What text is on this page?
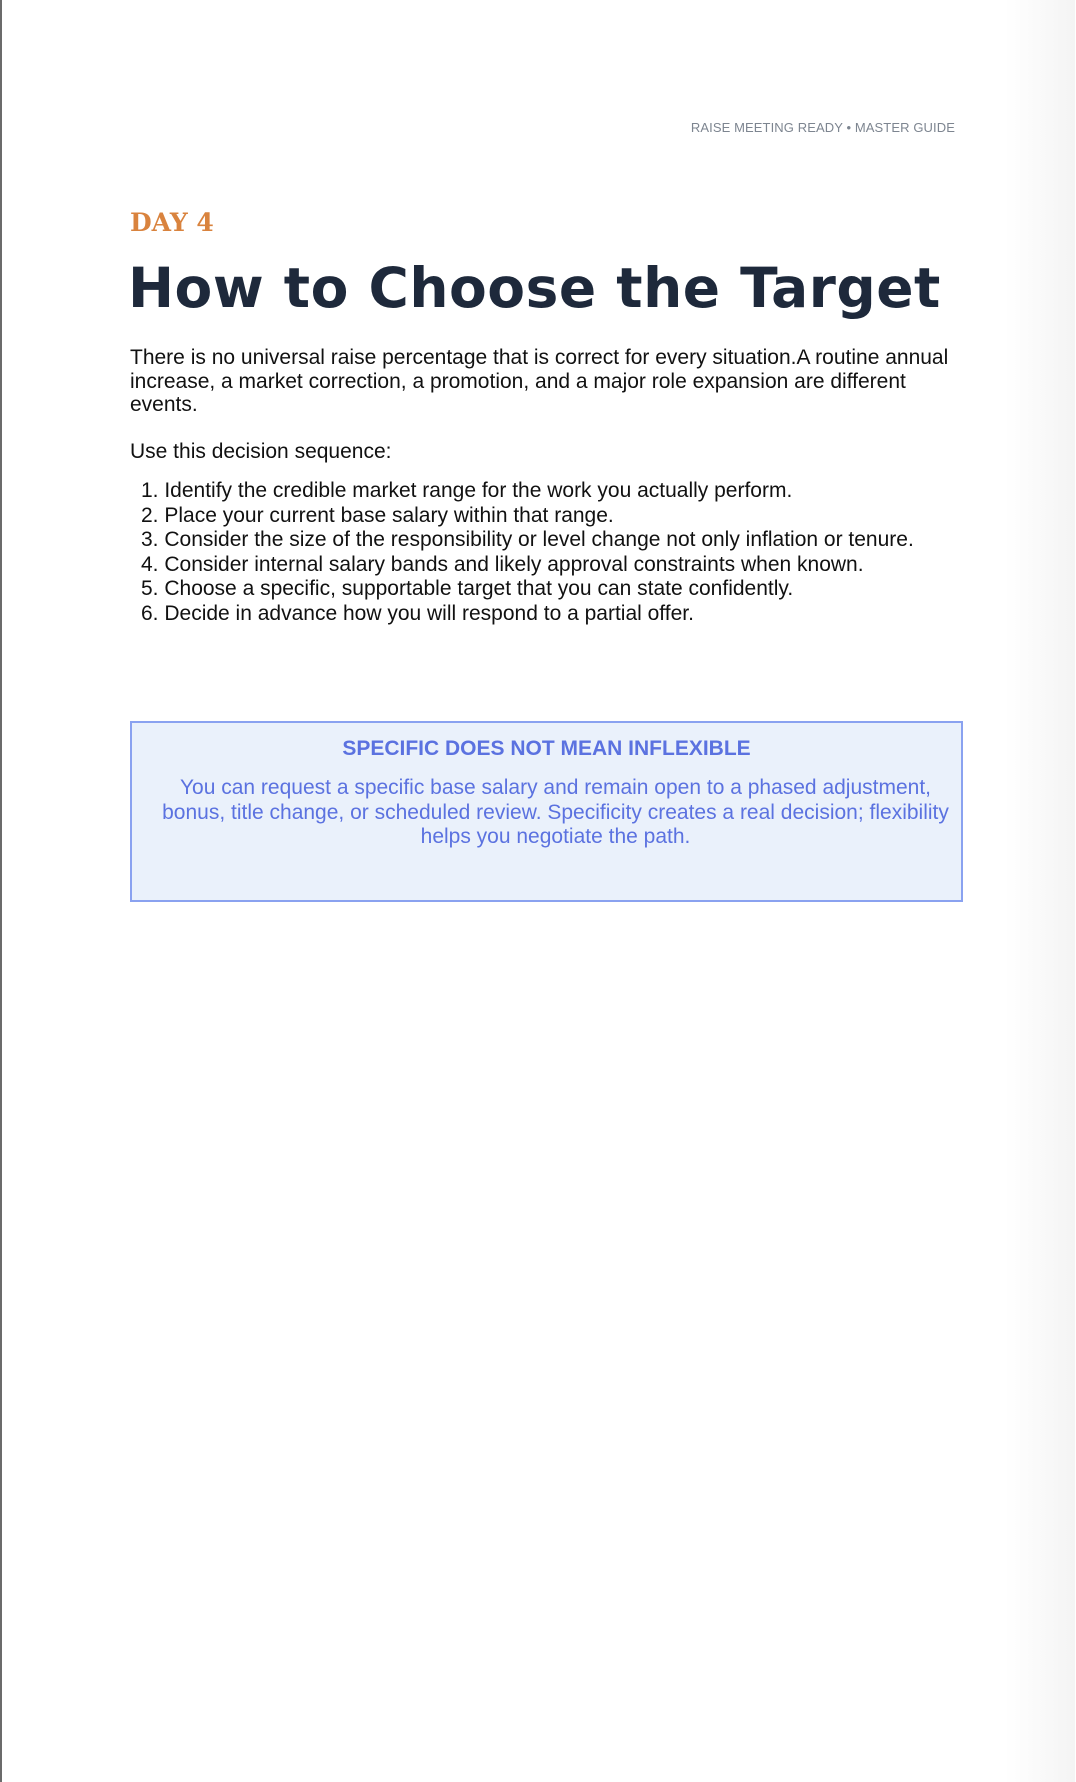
RAISE MEETING READY • MASTER GUIDE
DAY 4
How to Choose the Target

There is no universal raise percentage that is correct for every situation.A routine annual increase, a market correction, a promotion, and a major role expansion are different events.

Use this decision sequence:

1. Identify the credible market range for the work you actually perform.
2. Place your current base salary within that range.
3. Consider the size of the responsibility or level change not only inflation or tenure.
4. Consider internal salary bands and likely approval constraints when known.
5. Choose a specific, supportable target that you can state confidently.
6. Decide in advance how you will respond to a partial offer.
SPECIFIC DOES NOT MEAN INFLEXIBLE

You can request a specific base salary and remain open to a phased adjustment, bonus, title change, or scheduled review. Specificity creates a real decision; flexibility helps you negotiate the path.
